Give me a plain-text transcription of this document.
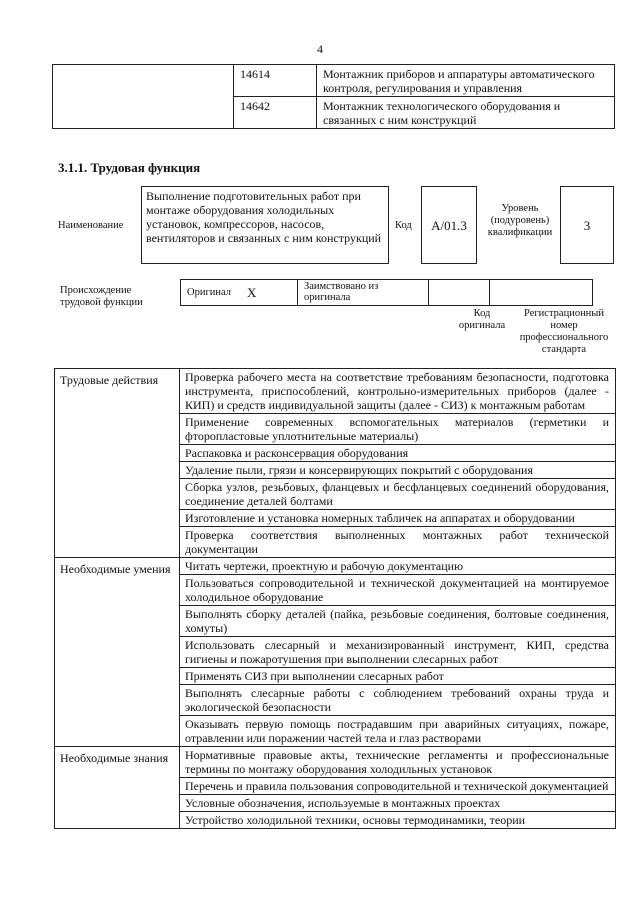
4
	14614	Монтажник приборов и аппаратуры автоматического контроля, регулирования и управления
	14642	Монтажник технологического оборудования и связанных с ним конструкций
3.1.1. Трудовая функция
Наименование
Выполнение подготовительных работ при монтаже оборудования холодильных установок, компрессоров, насосов, вентиляторов и связанных с ним конструкций
Код	A/01.3
Уровень (подуровень) квалификации	3
Происхождение трудовой функции
Оригинал	X	Заимствовано из оригинала		
Код оригинала
Регистрационный номер профессионального стандарта
Трудовые действия	Проверка рабочего места на соответствие требованиям безопасности, подготовка инструмента, приспособлений, контрольно-измерительных приборов (далее - КИП) и средств индивидуальной защиты (далее - СИЗ) к монтажным работам
	Применение современных вспомогательных материалов (герметики и фторопластовые уплотнительные материалы)
	Распаковка и расконсервация оборудования
	Удаление пыли, грязи и консервирующих покрытий с оборудования
	Сборка узлов, резьбовых, фланцевых и бесфланцевых соединений оборудования, соединение деталей болтами
	Изготовление и установка номерных табличек на аппаратах и оборудовании
	Проверка соответствия выполненных монтажных работ технической документации
Необходимые умения	Читать чертежи, проектную и рабочую документацию
	Пользоваться сопроводительной и технической документацией на монтируемое холодильное оборудование
	Выполнять сборку деталей (пайка, резьбовые соединения, болтовые соединения, хомуты)
	Использовать слесарный и механизированный инструмент, КИП, средства гигиены и пожаротушения при выполнении слесарных работ
	Применять СИЗ при выполнении слесарных работ
	Выполнять слесарные работы с соблюдением требований охраны труда и экологической безопасности
	Оказывать первую помощь пострадавшим при аварийных ситуациях, пожаре, отравлении или поражении частей тела и глаз растворами
Необходимые знания	Нормативные правовые акты, технические регламенты и профессиональные термины по монтажу оборудования холодильных установок
	Перечень и правила пользования сопроводительной и технической документацией
	Условные обозначения, используемые в монтажных проектах
	Устройство холодильной техники, основы термодинамики, теории
